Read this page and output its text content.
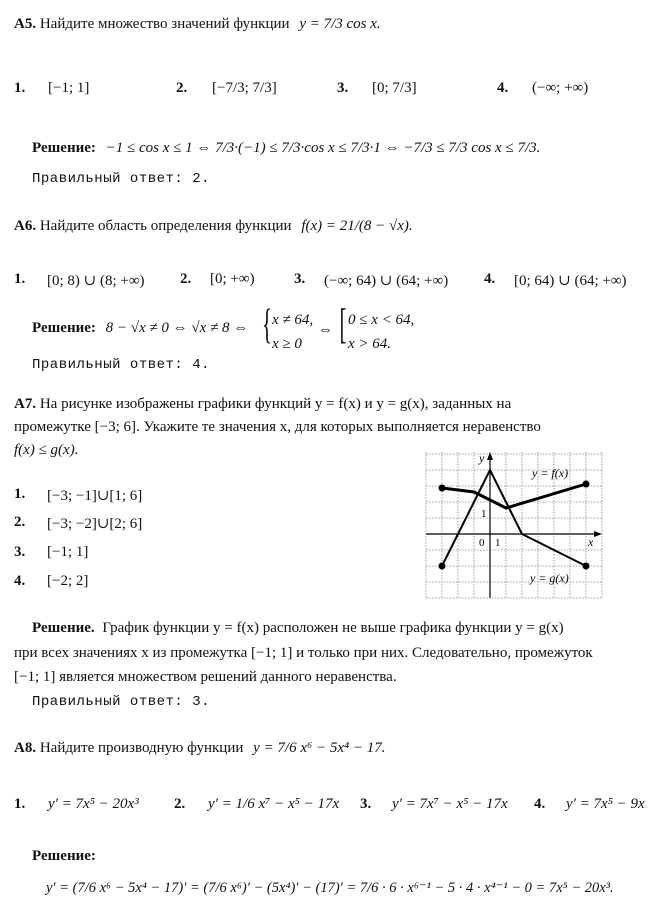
A5. Найдите множество значений функции y = 7/3 cos x.
1. [−1; 1]	2. [−7/3; 7/3]	3. [0; 7/3]	4. (−∞; +∞)
Решение: −1 ≤ cos x ≤ 1 ⇔ 7/3·(−1) ≤ 7/3·cos x ≤ 7/3·1 ⇔ −7/3 ≤ 7/3 cos x ≤ 7/3.
Правильный ответ: 2.
A6. Найдите область определения функции f(x) = 21/(8 − √x).
1. [0; 8) ∪ (8; +∞) 2. [0; +∞)	3. (−∞; 64) ∪ (64; +∞) 4. [0; 64) ∪ (64; +∞)
Решение: 8 − √x ≠ 0 ⇔ √x ≠ 8 ⇔ { x ≠ 64,
x ≥ 0
⇔ [ 0 ≤ x < 64,
x > 64.
Правильный ответ: 4.
A7. На рисунке изображены графики функций y = f(x) и y = g(x), заданных на
промежутке [−3; 6]. Укажите те значения x, для которых выполняется неравенство
f(x) ≤ g(x).
1. [−3; −1]∪[1; 6]
2. [−3; −2]∪[2; 6]
3. [−1; 1]
4. [−2; 2]
y
x
0 1
1
y = f(x)
y = g(x)
Решение. График функции y = f(x) расположен не выше графика функции y = g(x)
при всех значениях x из промежутка [−1; 1] и только при них. Следовательно, промежуток
[−1; 1] является множеством решений данного неравенства.
Правильный ответ: 3.
A8. Найдите производную функции y = 7/6 x⁶ − 5x⁴ − 17.
1. y′ = 7x⁵ − 20x³ 2. y′ = 1/6 x⁷ − x⁵ − 17x 3. y′ = 7x⁷ − x⁵ − 17x 4. y′ = 7x⁵ − 9x
Решение:
y′ = (7/6 x⁶ − 5x⁴ − 17)′ = (7/6 x⁶)′ − (5x⁴)′ − (17)′ = 7/6 · 6 · x⁶⁻¹ − 5 · 4 · x⁴⁻¹ − 0 = 7x⁵ − 20x³.
